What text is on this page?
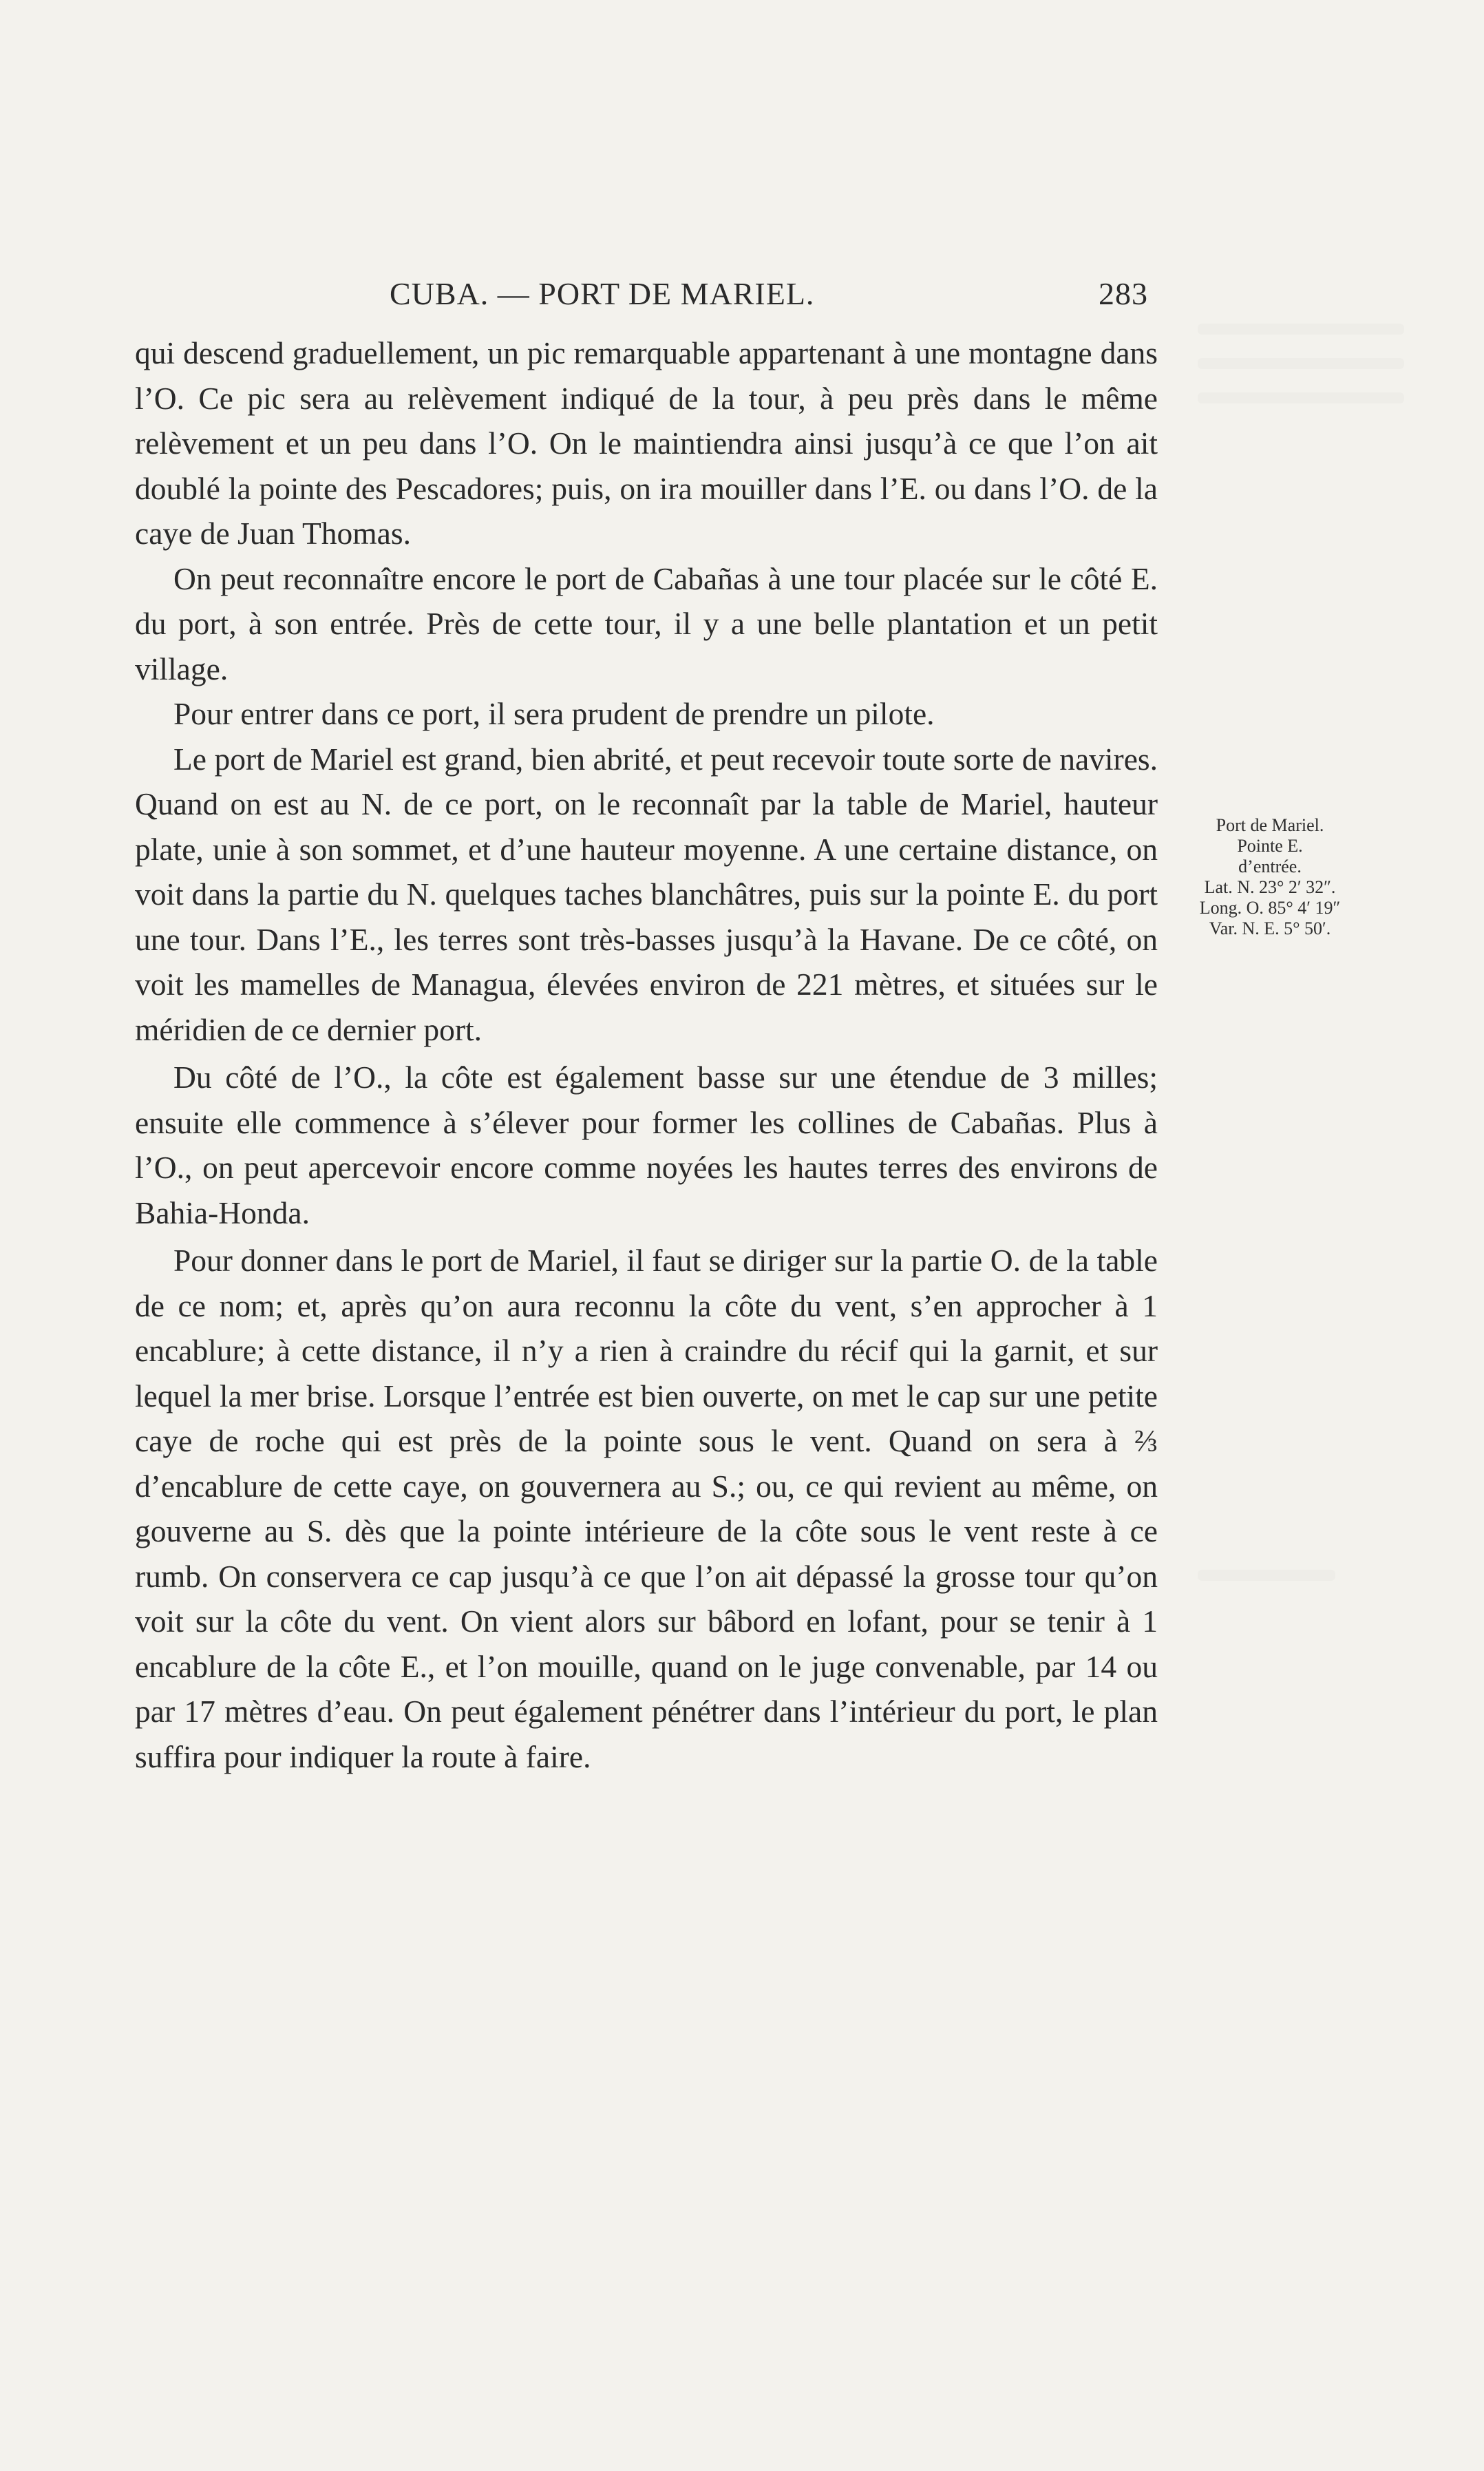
CUBA. — PORT DE MARIEL.	283

qui descend graduellement, un pic remarquable appartenant à une montagne dans l’O. Ce pic sera au relèvement indiqué de la tour, à peu près dans le même relèvement et un peu dans l’O. On le maintiendra ainsi jusqu’à ce que l’on ait doublé la pointe des Pescadores; puis, on ira mouiller dans l’E. ou dans l’O. de la caye de Juan Thomas.

On peut reconnaître encore le port de Cabañas à une tour placée sur le côté E. du port, à son entrée. Près de cette tour, il y a une belle plantation et un petit village.

Pour entrer dans ce port, il sera prudent de prendre un pilote.

Le port de Mariel est grand, bien abrité, et peut recevoir toute sorte de navires. Quand on est au N. de ce port, on le reconnaît par la table de Mariel, hauteur plate, unie à son sommet, et d’une hauteur moyenne. A une certaine distance, on voit dans la partie du N. quelques taches blanchâtres, puis sur la pointe E. du port une tour. Dans l’E., les terres sont très-basses jusqu’à la Havane. De ce côté, on voit les mamelles de Managua, élevées environ de 221 mètres, et situées sur le méridien de ce dernier port.

Du côté de l’O., la côte est également basse sur une étendue de 3 milles; ensuite elle commence à s’élever pour former les collines de Cabañas. Plus à l’O., on peut apercevoir encore comme noyées les hautes terres des environs de Bahia-Honda.

Pour donner dans le port de Mariel, il faut se diriger sur la partie O. de la table de ce nom; et, après qu’on aura reconnu la côte du vent, s’en approcher à 1 encablure; à cette distance, il n’y a rien à craindre du récif qui la garnit, et sur lequel la mer brise. Lorsque l’entrée est bien ouverte, on met le cap sur une petite caye de roche qui est près de la pointe sous le vent. Quand on sera à ⅔ d’encablure de cette caye, on gouvernera au S.; ou, ce qui revient au même, on gouverne au S. dès que la pointe intérieure de la côte sous le vent reste à ce rumb. On conservera ce cap jusqu’à ce que l’on ait dépassé la grosse tour qu’on voit sur la côte du vent. On vient alors sur bâbord en lofant, pour se tenir à 1 encablure de la côte E., et l’on mouille, quand on le juge convenable, par 14 ou par 17 mètres d’eau. On peut également pénétrer dans l’intérieur du port, le plan suffira pour indiquer la route à faire.

Port de Mariel.
Pointe E.
d’entrée.
Lat. N. 23° 2′ 32″.
Long. O. 85° 4′ 19″
Var. N. E. 5° 50′.
